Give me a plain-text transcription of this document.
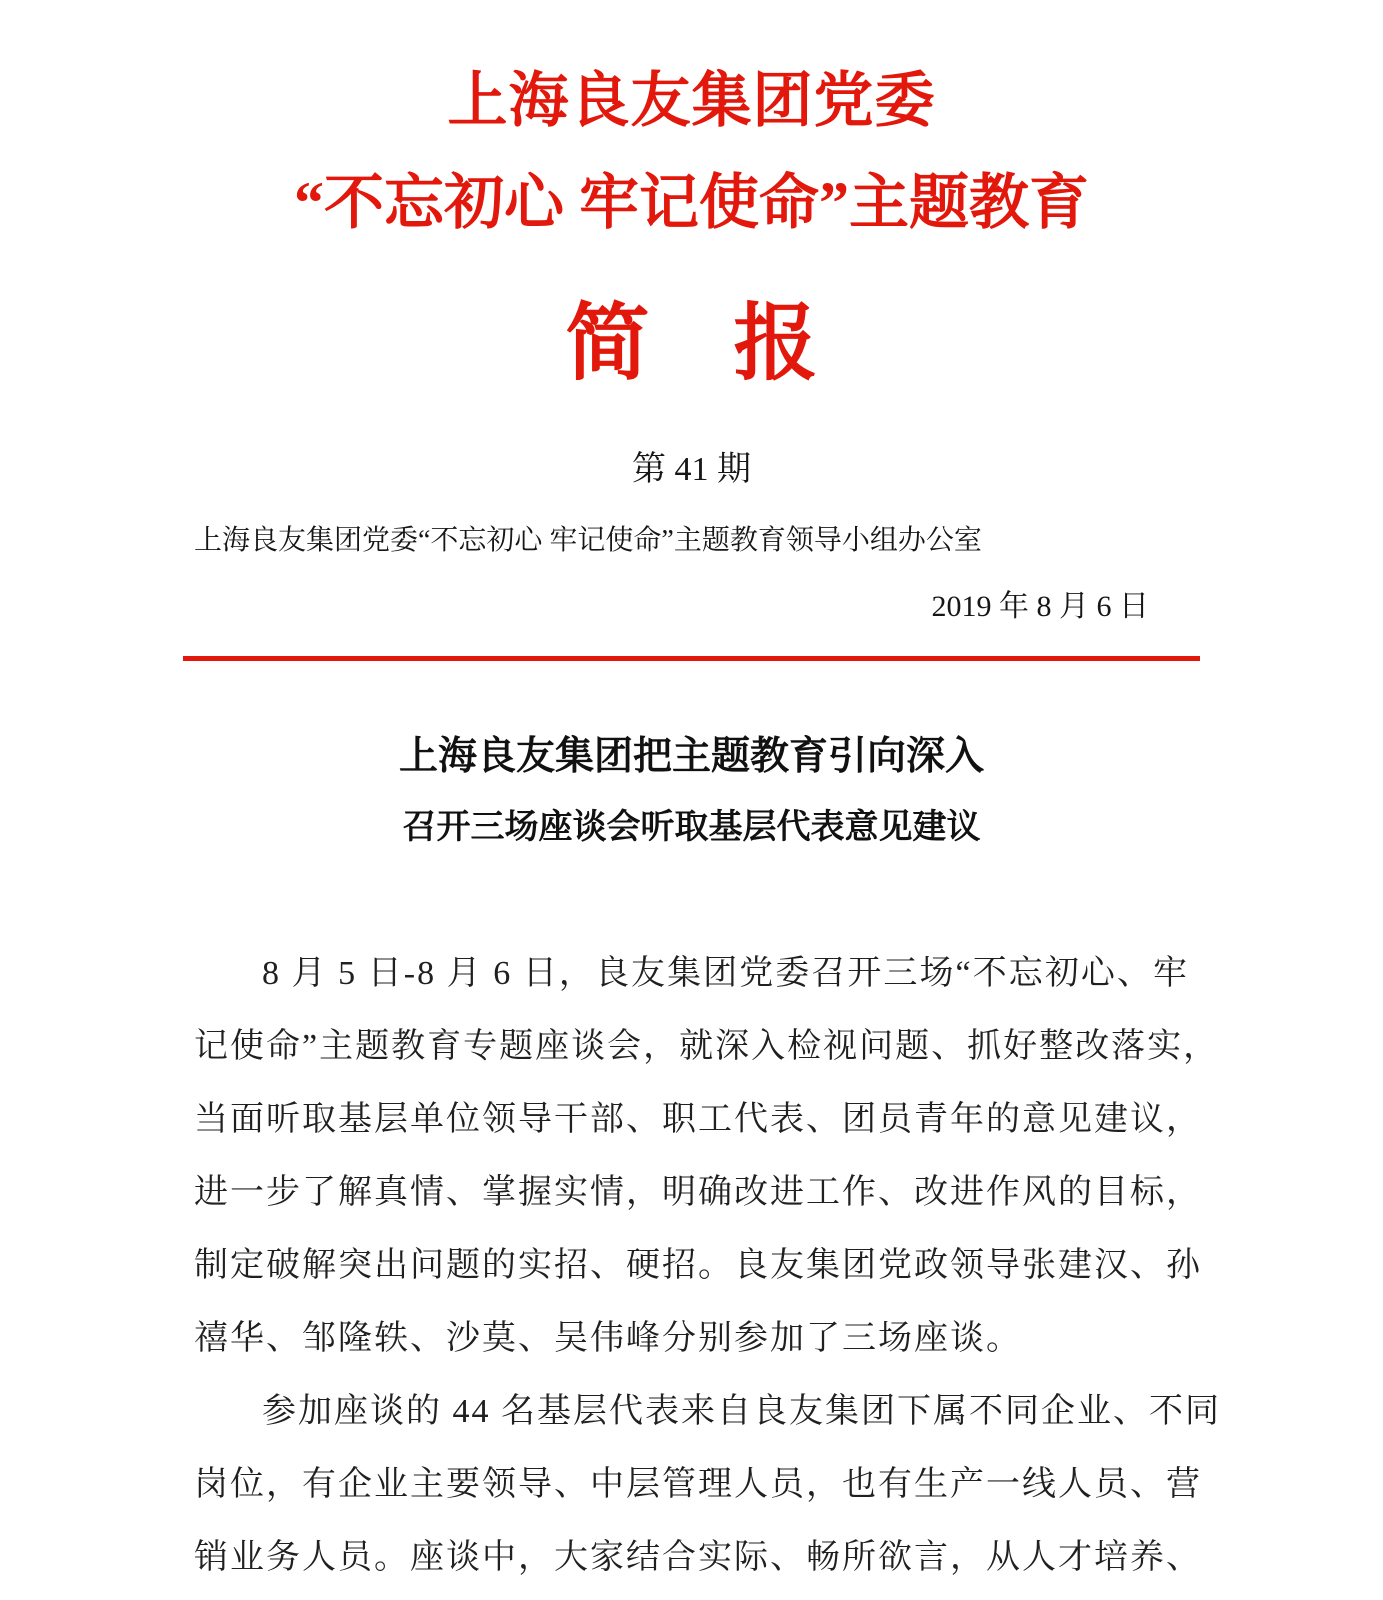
上海良友集团党委
“不忘初心 牢记使命”主题教育
简　报
第 41 期
上海良友集团党委“不忘初心 牢记使命”主题教育领导小组办公室
2019 年 8 月 6 日
上海良友集团把主题教育引向深入
召开三场座谈会听取基层代表意见建议
8 月 5 日-8 月 6 日，良友集团党委召开三场“不忘初心、牢
记使命”主题教育专题座谈会，就深入检视问题、抓好整改落实，
当面听取基层单位领导干部、职工代表、团员青年的意见建议，
进一步了解真情、掌握实情，明确改进工作、改进作风的目标，
制定破解突出问题的实招、硬招。良友集团党政领导张建汉、孙
禧华、邹隆轶、沙莫、吴伟峰分别参加了三场座谈。
参加座谈的 44 名基层代表来自良友集团下属不同企业、不同
岗位，有企业主要领导、中层管理人员，也有生产一线人员、营
销业务人员。座谈中，大家结合实际、畅所欲言，从人才培养、
